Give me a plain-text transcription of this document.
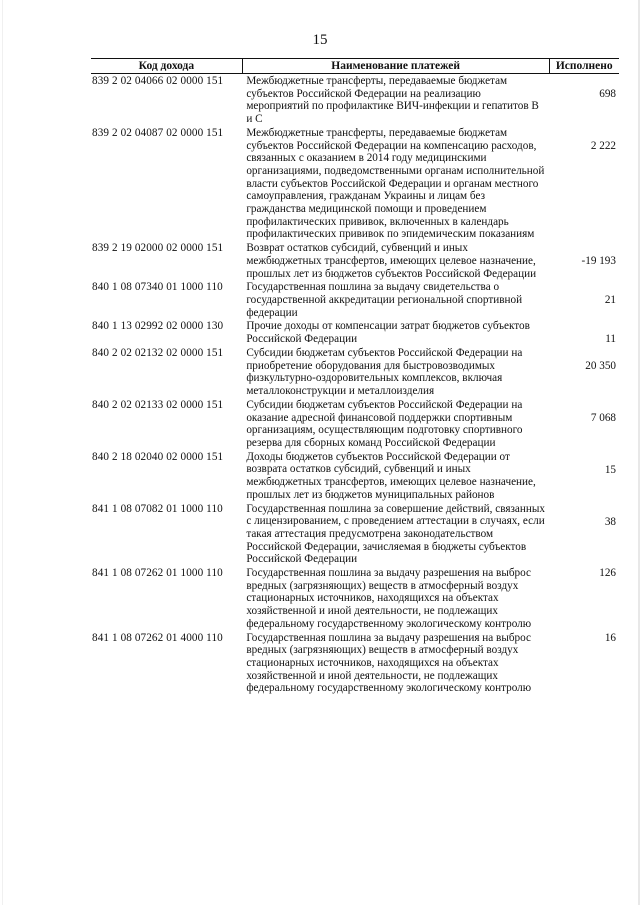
15
Код дохода	Наименование платежей	Исполнено
839 2 02 04066 02 0000 151	Межбюджетные трансферты, передаваемые бюджетам субъектов Российской Федерации на реализацию мероприятий по профилактике ВИЧ-инфекции и гепатитов В и С	698
839 2 02 04087 02 0000 151	Межбюджетные трансферты, передаваемые бюджетам субъектов Российской Федерации на компенсацию расходов, связанных с оказанием в 2014 году медицинскими организациями, подведомственными органам исполнительной власти субъектов Российской Федерации и органам местного самоуправления, гражданам Украины и лицам без гражданства медицинской помощи и проведением профилактических прививок, включенных в календарь профилактических прививок по эпидемическим показаниям	2 222
839 2 19 02000 02 0000 151	Возврат остатков субсидий, субвенций и иных межбюджетных трансфертов, имеющих целевое назначение, прошлых лет из бюджетов субъектов Российской Федерации	-19 193
840 1 08 07340 01 1000 110	Государственная пошлина за выдачу свидетельства о государственной аккредитации региональной спортивной федерации	21
840 1 13 02992 02 0000 130	Прочие доходы от компенсации затрат бюджетов субъектов Российской Федерации	11
840 2 02 02132 02 0000 151	Субсидии бюджетам субъектов Российской Федерации на приобретение оборудования для быстровозводимых физкультурно-оздоровительных комплексов, включая металлоконструкции и металлоизделия	20 350
840 2 02 02133 02 0000 151	Субсидии бюджетам субъектов Российской Федерации на оказание адресной финансовой поддержки спортивным организациям, осуществляющим подготовку спортивного резерва для сборных команд Российской Федерации	7 068
840 2 18 02040 02 0000 151	Доходы бюджетов субъектов Российской Федерации от возврата остатков субсидий, субвенций и иных межбюджетных трансфертов, имеющих целевое назначение, прошлых лет из бюджетов муниципальных районов	15
841 1 08 07082 01 1000 110	Государственная пошлина за совершение действий, связанных с лицензированием, с проведением аттестации в случаях, если такая аттестация предусмотрена законодательством Российской Федерации, зачисляемая в бюджеты субъектов Российской Федерации	38
841 1 08 07262 01 1000 110	Государственная пошлина за выдачу разрешения на выброс вредных (загрязняющих) веществ в атмосферный воздух стационарных источников, находящихся на объектах хозяйственной и иной деятельности, не подлежащих федеральному государственному экологическому контролю	126
841 1 08 07262 01 4000 110	Государственная пошлина за выдачу разрешения на выброс вредных (загрязняющих) веществ в атмосферный воздух стационарных источников, находящихся на объектах хозяйственной и иной деятельности, не подлежащих федеральному государственному экологическому контролю	16
